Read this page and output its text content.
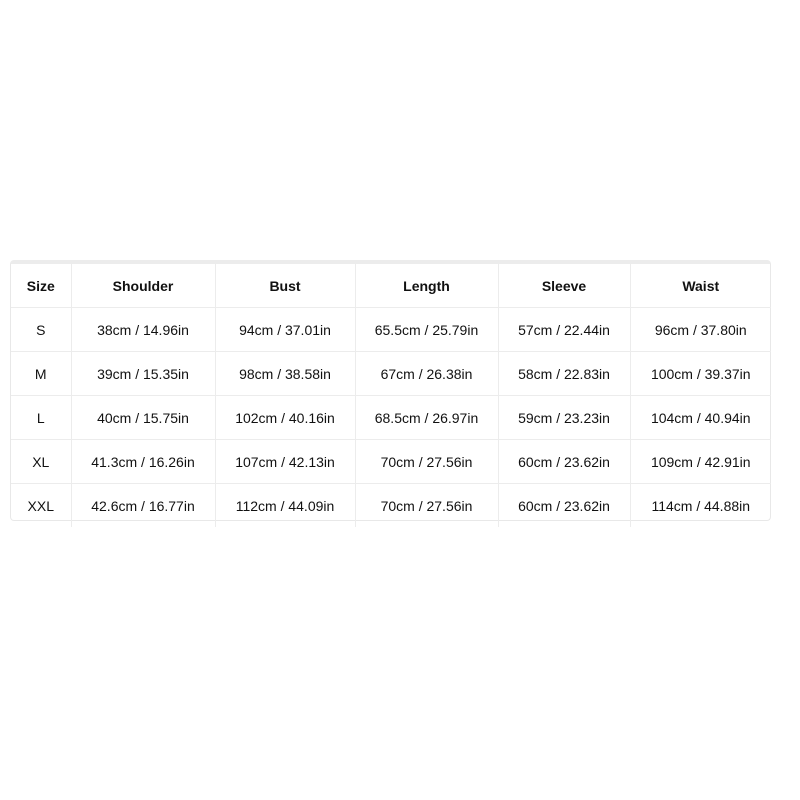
Size	Shoulder	Bust	Length	Sleeve	Waist
S	38cm / 14.96in	94cm / 37.01in	65.5cm / 25.79in	57cm / 22.44in	96cm / 37.80in
M	39cm / 15.35in	98cm / 38.58in	67cm / 26.38in	58cm / 22.83in	100cm / 39.37in
L	40cm / 15.75in	102cm / 40.16in	68.5cm / 26.97in	59cm / 23.23in	104cm / 40.94in
XL	41.3cm / 16.26in	107cm / 42.13in	70cm / 27.56in	60cm / 23.62in	109cm / 42.91in
XXL	42.6cm / 16.77in	112cm / 44.09in	70cm / 27.56in	60cm / 23.62in	114cm / 44.88in
